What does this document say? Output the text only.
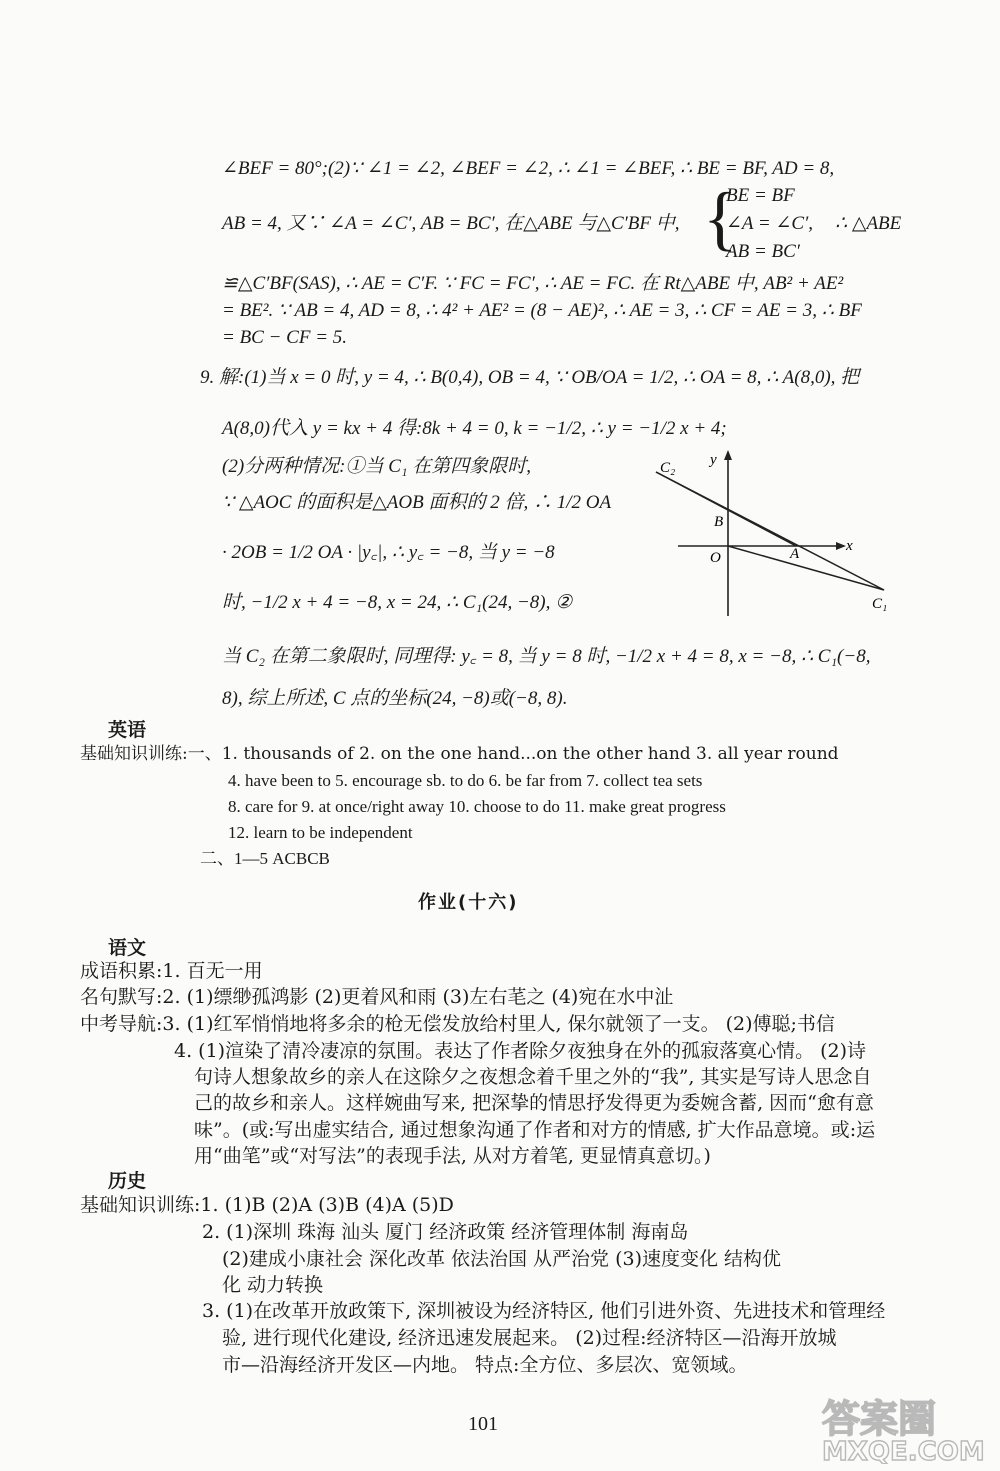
∠BEF = 80°;(2)∵ ∠1 = ∠2, ∠BEF = ∠2, ∴ ∠1 = ∠BEF, ∴ BE = BF, AD = 8,
AB = 4, 又∵ ∠A = ∠C′, AB = BC′, 在△ABE 与△C′BF 中, {
BE = BF
∠A = ∠C′, ∴ △ABE
AB = BC′
≌△C′BF(SAS), ∴ AE = C′F. ∵ FC = FC′, ∴ AE = FC. 在 Rt△ABE 中, AB² + AE²
= BE². ∵ AB = 4, AD = 8, ∴ 4² + AE² = (8 − AE)², ∴ AE = 3, ∴ CF = AE = 3, ∴ BF
= BC − CF = 5.
9. 解:(1)当 x = 0 时, y = 4, ∴ B(0,4), OB = 4, ∵ OB/OA = 1/2, ∴ OA = 8, ∴ A(8,0), 把
A(8,0)代入 y = kx + 4 得:8k + 4 = 0, k = −1/2, ∴ y = −1/2 x + 4;
(2)分两种情况:①当 C₁ 在第四象限时,
∵ △AOC 的面积是△AOB 面积的 2 倍, ∴ 1/2 OA
· 2OB = 1/2 OA · |y꜀|, ∴ y꜀ = −8, 当 y = −8
时, −1/2 x + 4 = −8, x = 24, ∴ C₁(24, −8), ②
当 C₂ 在第二象限时, 同理得: y꜀ = 8, 当 y = 8 时, −1/2 x + 4 = 8, x = −8, ∴ C₁(−8,
8), 综上所述, C 点的坐标(24, −8)或(−8, 8).
C₂ y
B
x
O	A
C₁
英语
基础知识训练:一、1. thousands of 2. on the one hand...on the other hand 3. all year round
4. have been to 5. encourage sb. to do 6. be far from 7. collect tea sets
8. care for 9. at once/right away 10. choose to do 11. make great progress
12. learn to be independent
二、1—5 ACBCB
作业(十六)
语文
成语积累:1. 百无一用
名句默写:2. (1)缥缈孤鸿影 (2)更着风和雨 (3)左右芼之 (4)宛在水中沚
中考导航:3. (1)红军悄悄地将多余的枪无偿发放给村里人, 保尔就领了一支。 (2)傅聪;书信
4. (1)渲染了清冷凄凉的氛围。表达了作者除夕夜独身在外的孤寂落寞心情。 (2)诗
句诗人想象故乡的亲人在这除夕之夜想念着千里之外的“我”, 其实是写诗人思念自
己的故乡和亲人。这样婉曲写来, 把深挚的情思抒发得更为委婉含蓄, 因而“愈有意
味”。(或:写出虚实结合, 通过想象沟通了作者和对方的情感, 扩大作品意境。或:运
用“曲笔”或“对写法”的表现手法, 从对方着笔, 更显情真意切。)
历史
基础知识训练:1. (1)B (2)A (3)B (4)A (5)D
2. (1)深圳 珠海 汕头 厦门 经济政策 经济管理体制 海南岛
(2)建成小康社会 深化改革 依法治国 从严治党 (3)速度变化 结构优
化 动力转换
3. (1)在改革开放政策下, 深圳被设为经济特区, 他们引进外资、先进技术和管理经
验, 进行现代化建设, 经济迅速发展起来。 (2)过程:经济特区—沿海开放城
市—沿海经济开发区—内地。 特点:全方位、多层次、宽领域。
101	答案圈
MXQE.COM
